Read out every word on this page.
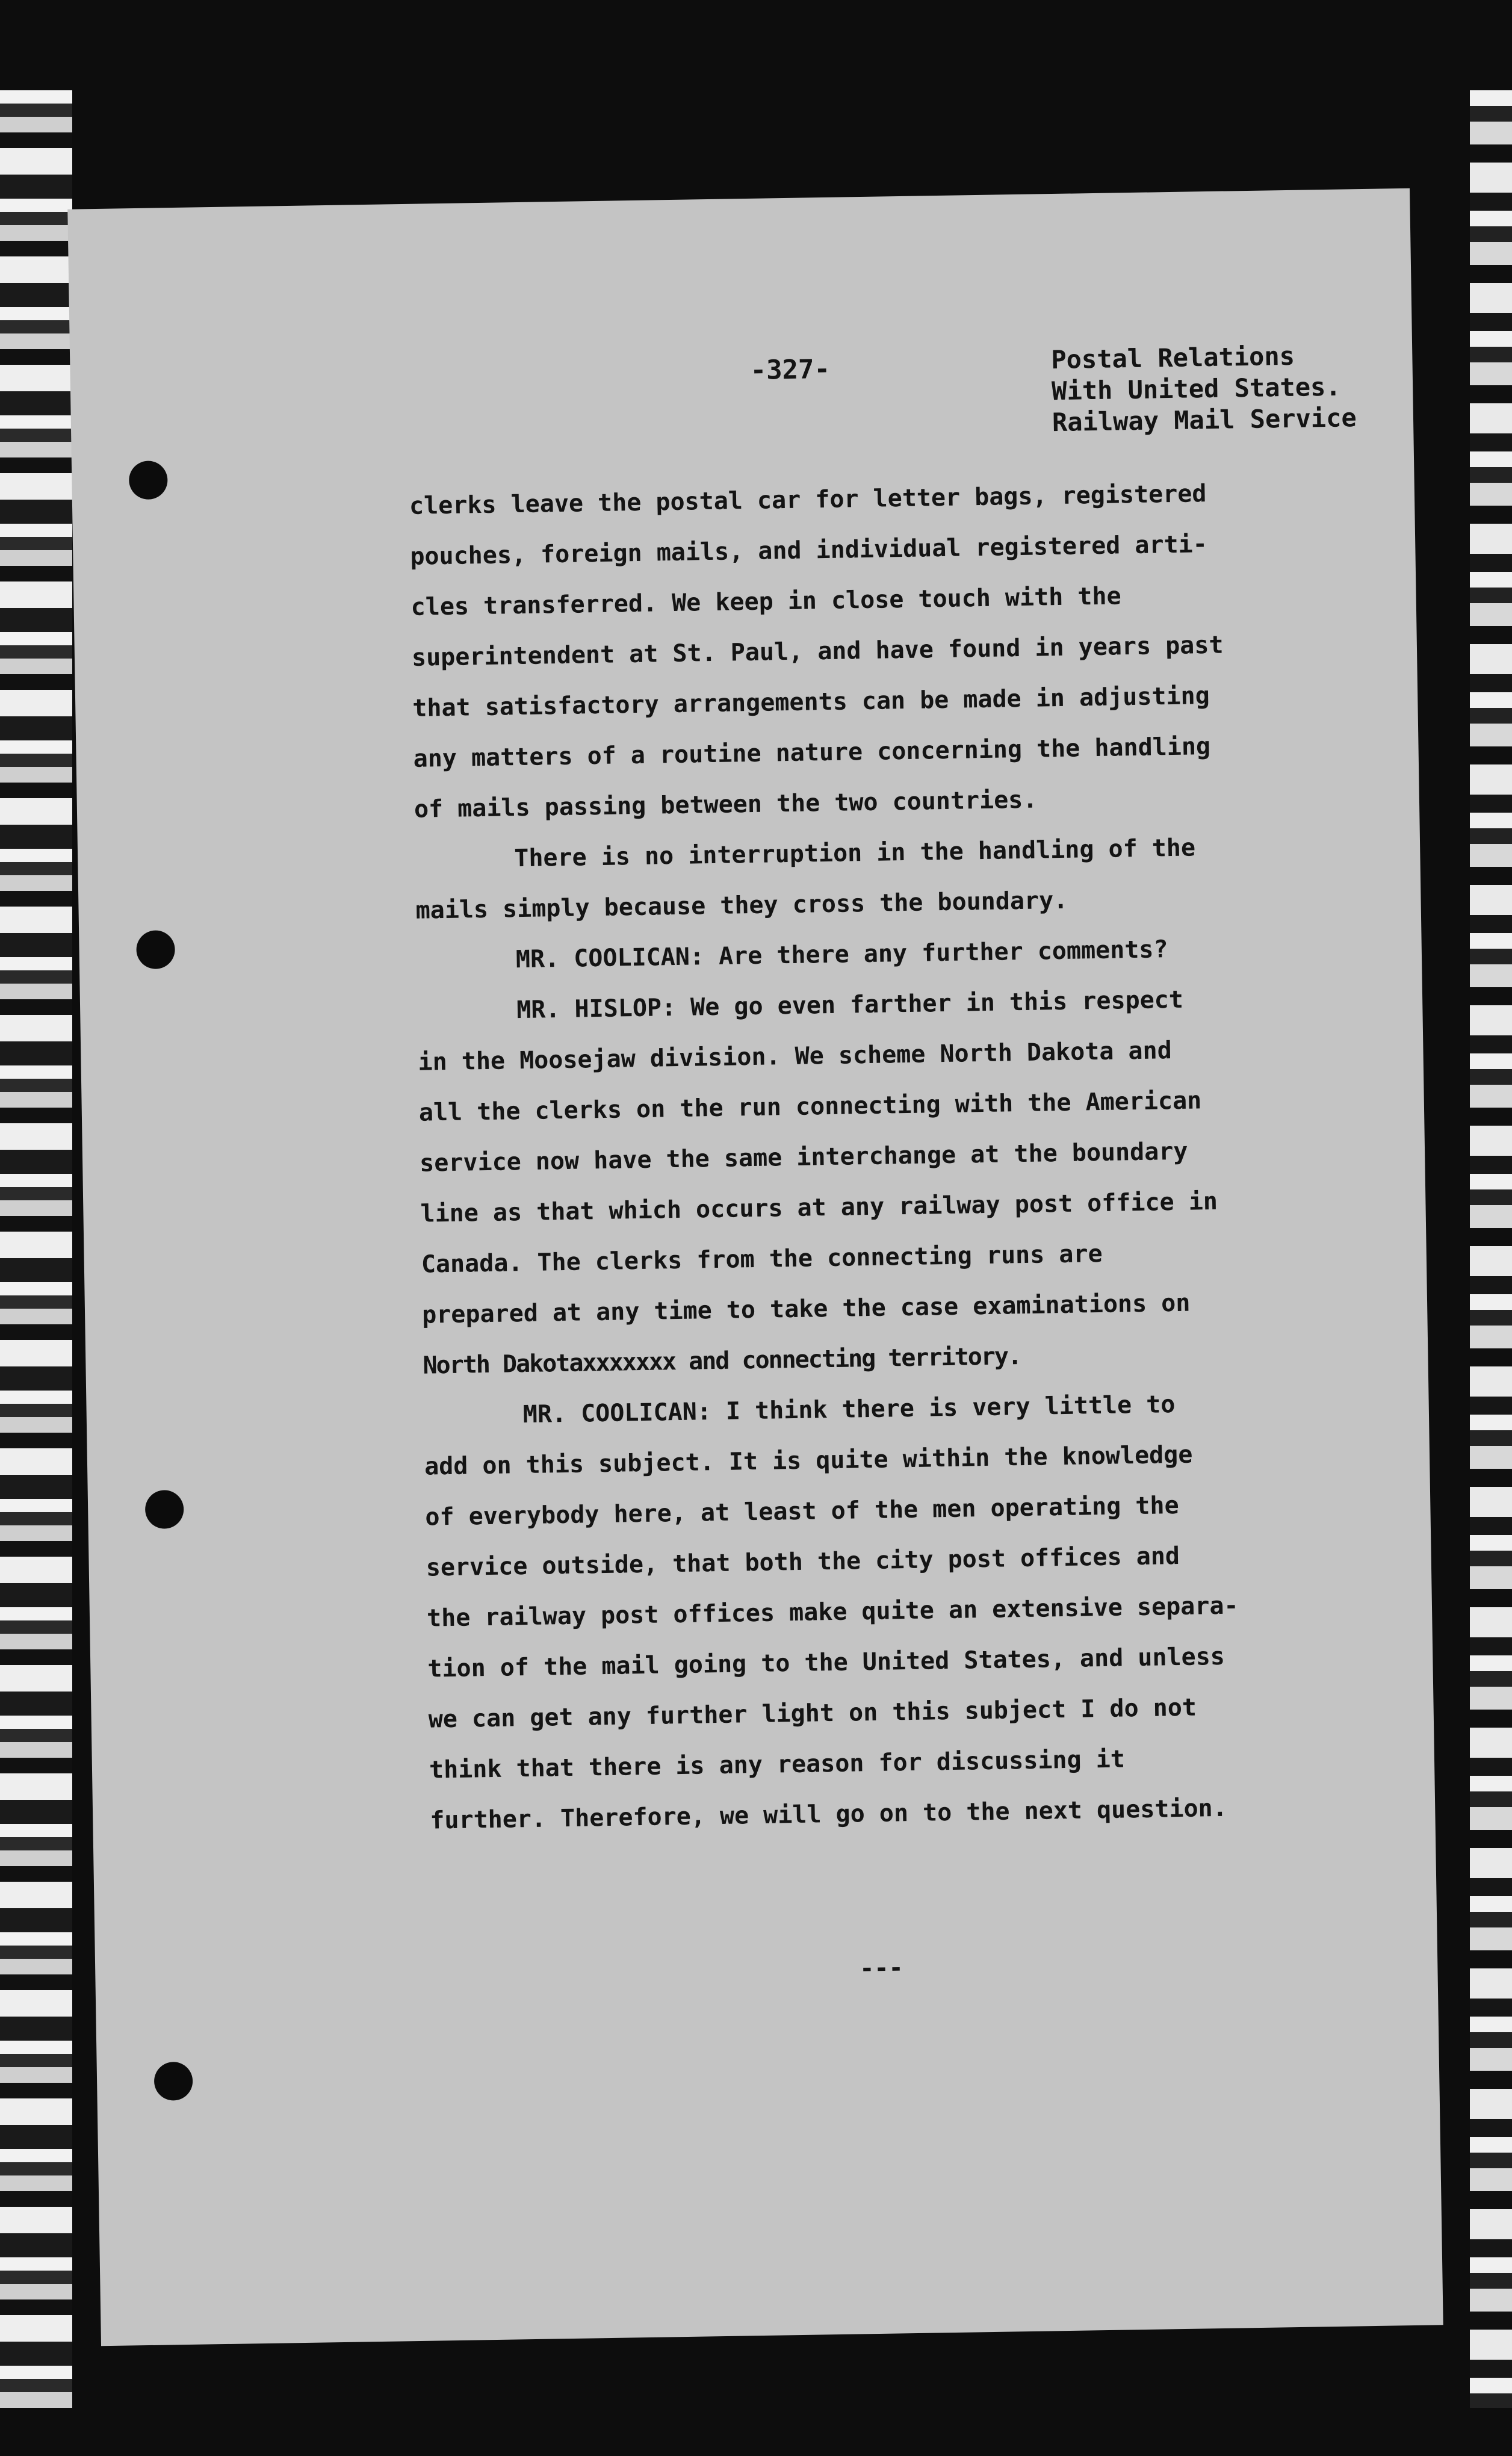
-327-	Postal Relations
With United States.
Railway Mail Service
clerks leave the postal car for letter bags, registered
pouches, foreign mails, and individual registered arti-
cles transferred. We keep in close touch with the
superintendent at St. Paul, and have found in years past
that satisfactory arrangements can be made in adjusting
any matters of a routine nature concerning the handling
of mails passing between the two countries.
There is no interruption in the handling of the
mails simply because they cross the boundary.
MR. COOLICAN: Are there any further comments?
MR. HISLOP: We go even farther in this respect
in the Moosejaw division. We scheme North Dakota and
all the clerks on the run connecting with the American
service now have the same interchange at the boundary
line as that which occurs at any railway post office in
Canada. The clerks from the connecting runs are
prepared at any time to take the case examinations on
North Dakotaxxxxxxx and connecting territory.
MR. COOLICAN: I think there is very little to
add on this subject. It is quite within the knowledge
of everybody here, at least of the men operating the
service outside, that both the city post offices and
the railway post offices make quite an extensive separa-
tion of the mail going to the United States, and unless
we can get any further light on this subject I do not
think that there is any reason for discussing it
further. Therefore, we will go on to the next question.
---
